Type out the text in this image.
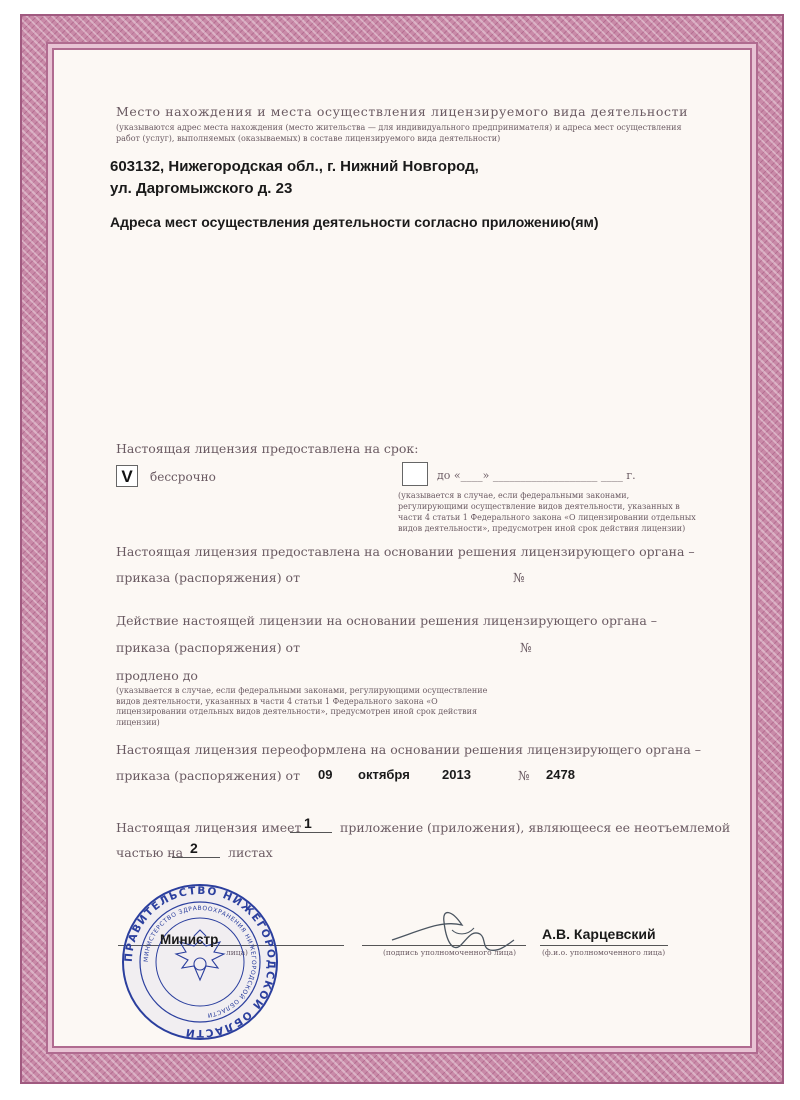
Место нахождения и места осуществления лицензируемого вида деятельности
(указываются адрес места нахождения (место жительства — для индивидуального предпринимателя) и адреса мест осуществления работ (услуг), выполняемых (оказываемых) в составе лицензируемого вида деятельности)
603132, Нижегородская обл., г. Нижний Новгород,
ул. Даргомыжского д. 23
Адреса мест осуществления деятельности согласно приложению(ям)
Настоящая лицензия предоставлена на срок:
V	бессрочно	до «____» ___________________ ____ г.
(указывается в случае, если федеральными законами, регулирующими осуществление видов деятельности, указанных в части 4 статьи 1 Федерального закона «О лицензировании отдельных видов деятельности», предусмотрен иной срок действия лицензии)
Настоящая лицензия предоставлена на основании решения лицензирующего органа –
приказа (распоряжения) от	№
Действие настоящей лицензии на основании решения лицензирующего органа –
приказа (распоряжения) от	№
продлено до
(указывается в случае, если федеральными законами, регулирующими осуществление видов деятельности, указанных в части 4 статьи 1 Федерального закона «О лицензировании отдельных видов деятельности», предусмотрен иной срок действия лицензии)
Настоящая лицензия переоформлена на основании решения лицензирующего органа –
приказа (распоряжения) от 09 октября 2013	№ 2478
Настоящая лицензия имеет 1 приложение (приложения), являющееся ее неотъемлемой
частью на 2 листах
(подпись уполномоченного лица)	(ф.и.о. уполномоченного лица)
А.В. Карцевский
ПРАВИТЕЛЬСТВО НИЖЕГОРОДСКОЙ ОБЛАСТИ
МИНИСТЕРСТВО ЗДРАВООХРАНЕНИЯ НИЖЕГОРОДСКОЙ ОБЛАСТИ
Министр
